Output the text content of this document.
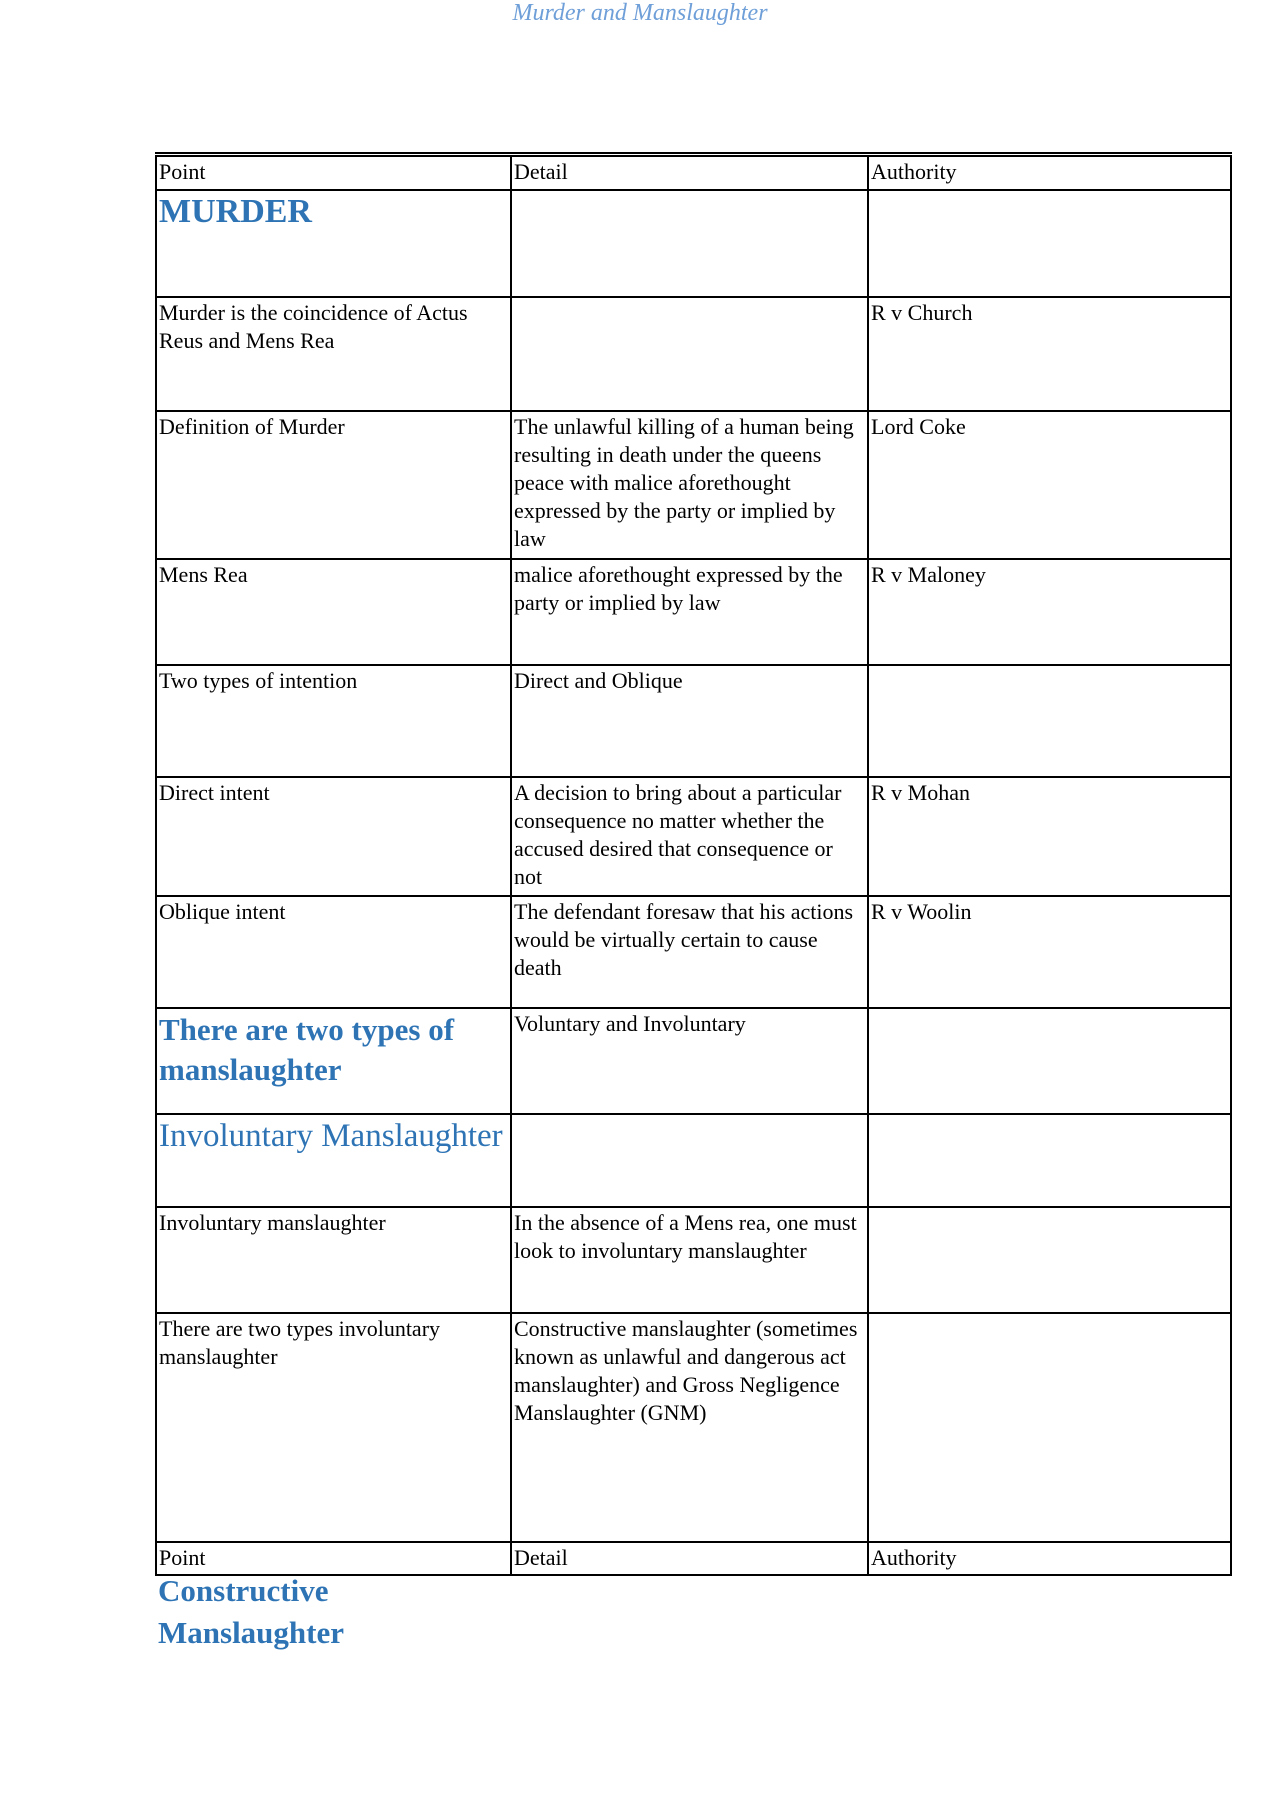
Murder and Manslaughter
Point	Detail	Authority
MURDER		
Murder is the coincidence of Actus Reus and Mens Rea		R v Church
Definition of Murder	The unlawful killing of a human being resulting in death under the queens peace with malice aforethought expressed by the party or implied by law	Lord Coke
Mens Rea	malice aforethought expressed by the party or implied by law	R v Maloney
Two types of intention	Direct and Oblique	
Direct intent	A decision to bring about a particular consequence no matter whether the accused desired that consequence or not	R v Mohan
Oblique intent	The defendant foresaw that his actions would be virtually certain to cause death	R v Woolin
There are two types of manslaughter	Voluntary and Involuntary	
Involuntary Manslaughter		
Involuntary manslaughter	In the absence of a Mens rea, one must look to involuntary manslaughter	
There are two types involuntary manslaughter	Constructive manslaughter (sometimes known as unlawful and dangerous act manslaughter) and Gross Negligence Manslaughter (GNM)	
Point	Detail	Authority
Constructive Manslaughter
